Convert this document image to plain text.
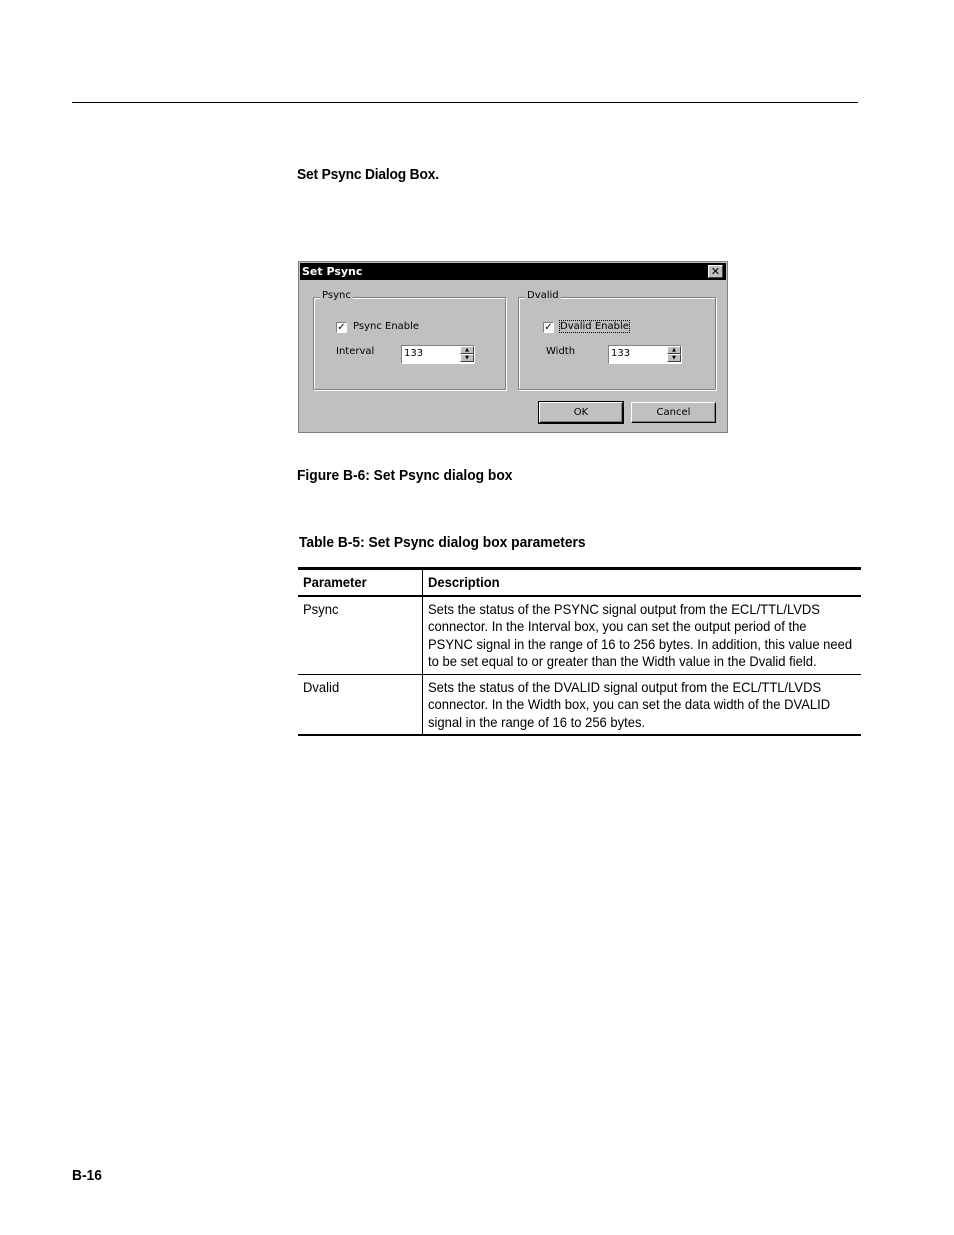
Set Psync Dialog Box.
Set Psync	✕
Psync
✓ Psync Enable
Interval	133	▲
▼
Dvalid
✓ Dvalid Enable
Width	133	▲
▼
OK	Cancel
Figure B-6: Set Psync dialog box
Table B-5: Set Psync dialog box parameters
Parameter	Description
Psync	Sets the status of the PSYNC signal output from the ECL/TTL/LVDS connector. In the Interval box, you can set the output period of the PSYNC signal in the range of 16 to 256 bytes. In addition, this value need to be set equal to or greater than the Width value in the Dvalid field.
Dvalid	Sets the status of the DVALID signal output from the ECL/TTL/LVDS connector. In the Width box, you can set the data width of the DVALID signal in the range of 16 to 256 bytes.
B-16
